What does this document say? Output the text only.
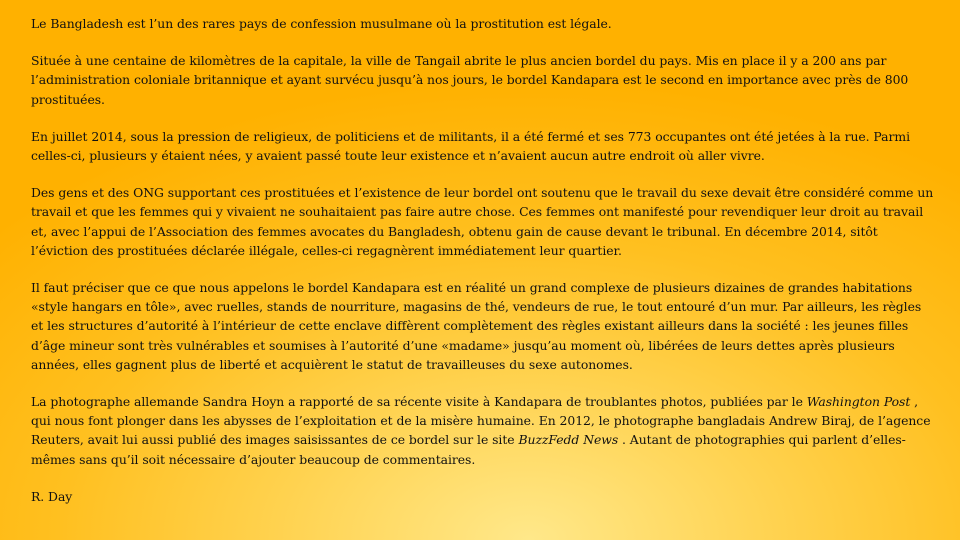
Le Bangladesh est l’un des rares pays de confession musulmane où la prostitution est légale.

Située à une centaine de kilomètres de la capitale, la ville de Tangail abrite le plus ancien bordel du pays. Mis en place il y a 200 ans par l’administration coloniale britannique et ayant survécu jusqu’à nos jours, le bordel Kandapara est le second en importance avec près de 800 prostituées.

En juillet 2014, sous la pression de religieux, de politiciens et de militants, il a été fermé et ses 773 occupantes ont été jetées à la rue. Parmi celles-ci, plusieurs y étaient nées, y avaient passé toute leur existence et n’avaient aucun autre endroit où aller vivre.

Des gens et des ONG supportant ces prostituées et l’existence de leur bordel ont soutenu que le travail du sexe devait être considéré comme un travail et que les femmes qui y vivaient ne souhaitaient pas faire autre chose. Ces femmes ont manifesté pour revendiquer leur droit au travail et, avec l’appui de l’Association des femmes avocates du Bangladesh, obtenu gain de cause devant le tribunal. En décembre 2014, sitôt l’éviction des prostituées déclarée illégale, celles-ci regagnèrent immédiatement leur quartier.

Il faut préciser que ce que nous appelons le bordel Kandapara est en réalité un grand complexe de plusieurs dizaines de grandes habitations «style hangars en tôle», avec ruelles, stands de nourriture, magasins de thé, vendeurs de rue, le tout entouré d’un mur. Par ailleurs, les règles et les structures d’autorité à l’intérieur de cette enclave diffèrent complètement des règles existant ailleurs dans la société : les jeunes filles d’âge mineur sont très vulnérables et soumises à l’autorité d’une «madame» jusqu’au moment où, libérées de leurs dettes après plusieurs années, elles gagnent plus de liberté et acquièrent le statut de travailleuses du sexe autonomes.

La photographe allemande Sandra Hoyn a rapporté de sa récente visite à Kandapara de troublantes photos, publiées par le Washington Post , qui nous font plonger dans les abysses de l’exploitation et de la misère humaine. En 2012, le photographe bangladais Andrew Biraj, de l’agence Reuters, avait lui aussi publié des images saisissantes de ce bordel sur le site BuzzFedd News . Autant de photographies qui parlent d’elles-mêmes sans qu’il soit nécessaire d’ajouter beaucoup de commentaires.

R. Day
